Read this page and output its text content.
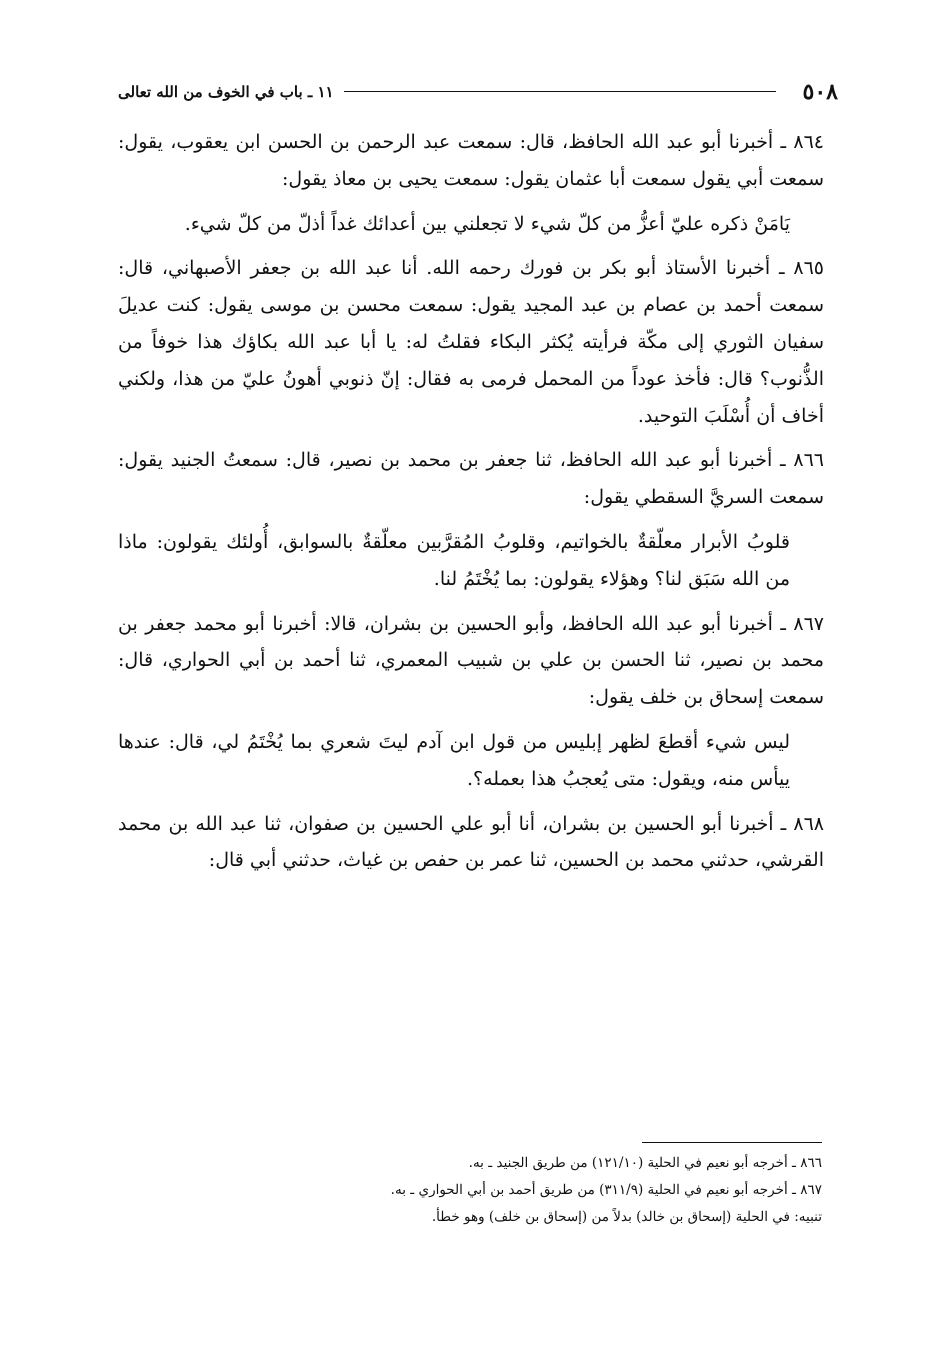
٥٠٨
١١ ـ باب في الخوف من الله تعالى

٨٦٤ ـ أخبرنا أبو عبد الله الحافظ، قال: سمعت عبد الرحمن بن الحسن ابن يعقوب، يقول: سمعت أبي يقول سمعت أبا عثمان يقول: سمعت يحيى بن معاذ يقول:

يَامَنْ ذكره عليّ أعزُّ من كلّ شيء لا تجعلني بين أعدائك غداً أذلّ من كلّ شيء.

٨٦٥ ـ أخبرنا الأستاذ أبو بكر بن فورك رحمه الله. أنا عبد الله بن جعفر الأصبهاني، قال: سمعت أحمد بن عصام بن عبد المجيد يقول: سمعت محسن بن موسى يقول: كنت عديلَ سفيان الثوري إلى مكّة فرأيته يُكثر البكاء فقلتُ له: يا أبا عبد الله بكاؤك هذا خوفاً من الذُّنوب؟ قال: فأخذ عوداً من المحمل فرمى به فقال: إنّ ذنوبي أهونُ عليّ من هذا، ولكني أخاف أن أُسْلَبَ التوحيد.

٨٦٦ ـ أخبرنا أبو عبد الله الحافظ، ثنا جعفر بن محمد بن نصير، قال: سمعتُ الجنيد يقول: سمعت السريَّ السقطي يقول:

قلوبُ الأبرار معلّقةٌ بالخواتيم، وقلوبُ المُقرَّبين معلّقةٌ بالسوابق، أُولئك يقولون: ماذا من الله سَبَق لنا؟ وهؤلاء يقولون: بما يُخْتَمُ لنا.

٨٦٧ ـ أخبرنا أبو عبد الله الحافظ، وأبو الحسين بن بشران، قالا: أخبرنا أبو محمد جعفر بن محمد بن نصير، ثنا الحسن بن علي بن شبيب المعمري، ثنا أحمد بن أبي الحواري، قال: سمعت إسحاق بن خلف يقول:

ليس شيء أقطعَ لظهر إبليس من قول ابن آدم ليتَ شعري بما يُخْتَمُ لي، قال: عندها ييأس منه، ويقول: متى يُعجبُ هذا بعمله؟.

٨٦٨ ـ أخبرنا أبو الحسين بن بشران، أنا أبو علي الحسين بن صفوان، ثنا عبد الله بن محمد القرشي، حدثني محمد بن الحسين، ثنا عمر بن حفص بن غياث، حدثني أبي قال:

٨٦٦ ـ أخرجه أبو نعيم في الحلية (١٢١/١٠) من طريق الجنيد ـ به.
٨٦٧ ـ أخرجه أبو نعيم في الحلية (٣١١/٩) من طريق أحمد بن أبي الحواري ـ به.
تنبيه: في الحلية (إسحاق بن خالد) بدلاً من (إسحاق بن خلف) وهو خطأ.
